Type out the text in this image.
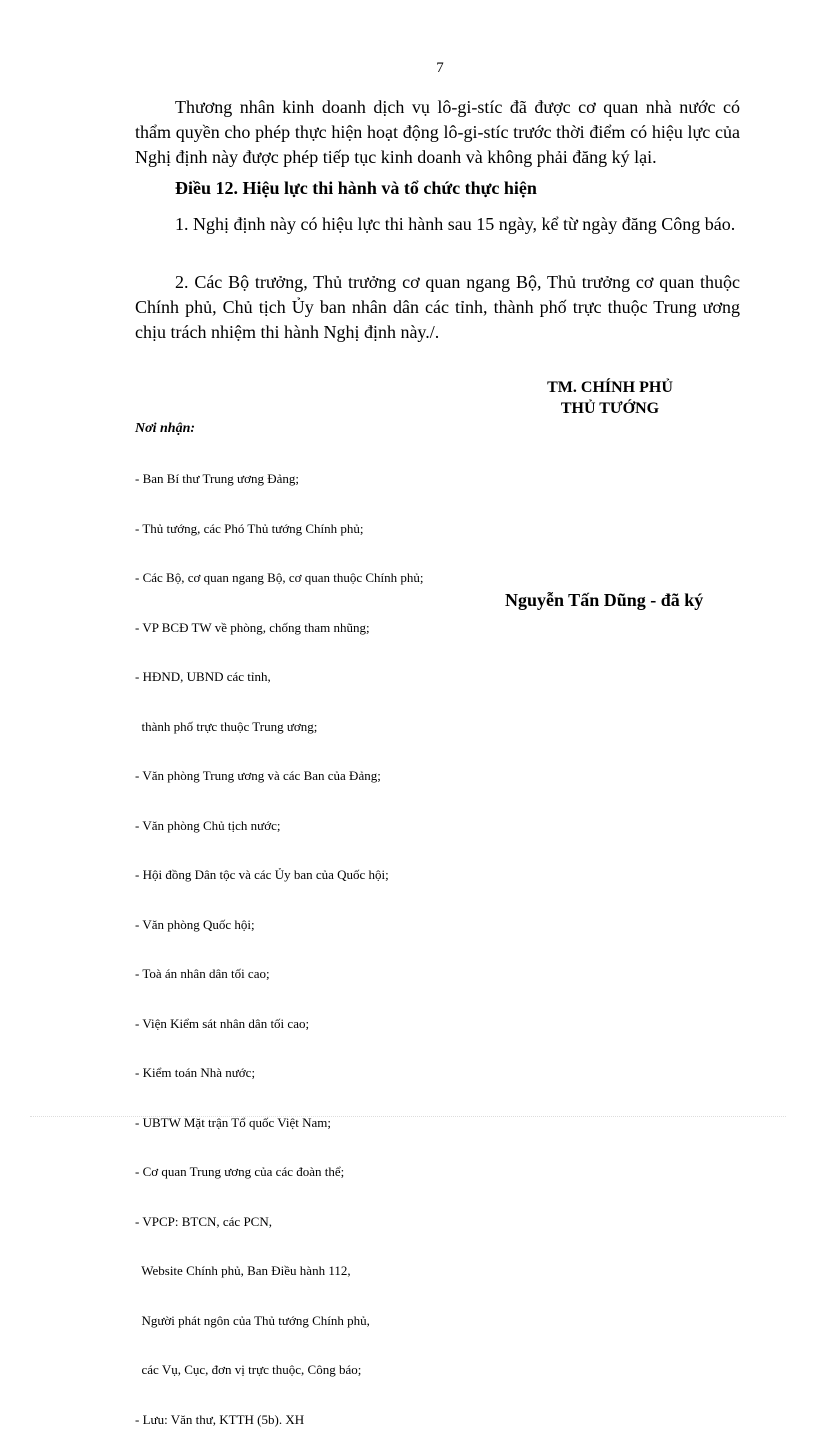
7

Thương nhân kinh doanh dịch vụ lô-gi-stíc đã được cơ quan nhà nước có thẩm quyền cho phép thực hiện hoạt động lô-gi-stíc trước thời điểm có hiệu lực của Nghị định này được phép tiếp tục kinh doanh và không phải đăng ký lại.

Điều 12. Hiệu lực thi hành và tổ chức thực hiện

1. Nghị định này có hiệu lực thi hành sau 15 ngày, kể từ ngày đăng Công báo.

2. Các Bộ trưởng, Thủ trưởng cơ quan ngang Bộ, Thủ trưởng cơ quan thuộc Chính phủ, Chủ tịch Ủy ban nhân dân các tỉnh, thành phố trực thuộc Trung ương chịu trách nhiệm thi hành Nghị định này./.

TM. CHÍNH PHỦ
THỦ TƯỚNG
Nơi nhận:

- Ban Bí thư Trung ương Đảng;

- Thủ tướng, các Phó Thủ tướng Chính phủ;

- Các Bộ, cơ quan ngang Bộ, cơ quan thuộc Chính phủ;

- VP BCĐ TW về phòng, chống tham nhũng;

- HĐND, UBND các tỉnh,

thành phố trực thuộc Trung ương;

- Văn phòng Trung ương và các Ban của Đảng;

- Văn phòng Chủ tịch nước;

- Hội đồng Dân tộc và các Ủy ban của Quốc hội;

- Văn phòng Quốc hội;

- Toà án nhân dân tối cao;

- Viện Kiểm sát nhân dân tối cao;

- Kiểm toán Nhà nước;

- UBTW Mặt trận Tổ quốc Việt Nam;

- Cơ quan Trung ương của các đoàn thể;

- VPCP: BTCN, các PCN,

Website Chính phủ, Ban Điều hành 112,

Người phát ngôn của Thủ tướng Chính phủ,

các Vụ, Cục, đơn vị trực thuộc, Công báo;

- Lưu: Văn thư, KTTH (5b). XH

Nguyễn Tấn Dũng - đã ký
